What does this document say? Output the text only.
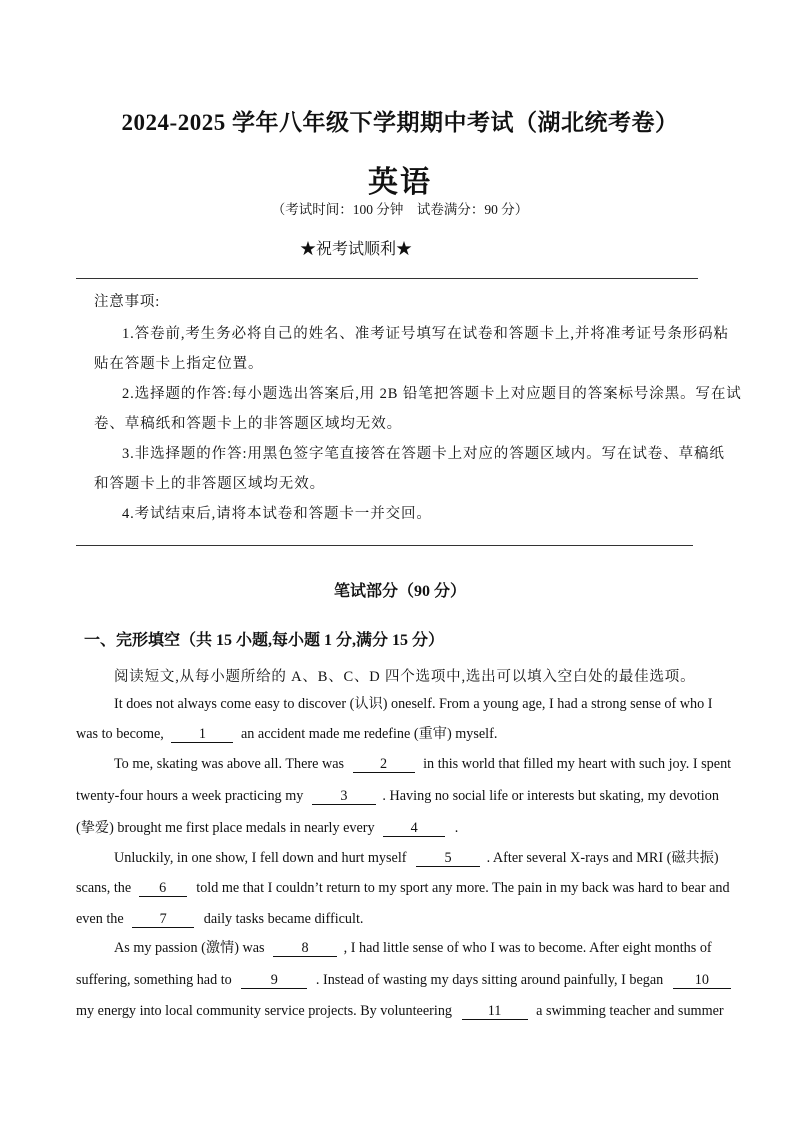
2024-2025 学年八年级下学期期中考试（湖北统考卷）
英语
（考试时间：100 分钟　试卷满分：90 分）
★祝考试顺利★
注意事项:
1.答卷前,考生务必将自己的姓名、准考证号填写在试卷和答题卡上,并将准考证号条形码粘
贴在答题卡上指定位置。
2.选择题的作答:每小题选出答案后,用 2B 铅笔把答题卡上对应题目的答案标号涂黑。写在试
卷、草稿纸和答题卡上的非答题区域均无效。
3.非选择题的作答:用黑色签字笔直接答在答题卡上对应的答题区域内。写在试卷、草稿纸
和答题卡上的非答题区域均无效。
4.考试结束后,请将本试卷和答题卡一并交回。
笔试部分（90 分）
一、完形填空（共 15 小题,每小题 1 分,满分 15 分）
阅读短文,从每小题所给的 A、B、C、D 四个选项中,选出可以填入空白处的最佳选项。
It does not always come easy to discover (认识) oneself. From a young age, I had a strong sense of who I
was to become, 1 an accident made me redefine (重审) myself.
To me, skating was above all. There was	2	in this world that filled my heart with such joy. I spent
twenty-four hours a week practicing my	3 . Having no social life or interests but skating, my devotion
(挚爱) brought me first place medals in nearly every	4	.
Unluckily, in one show, I fell down and hurt myself	5 . After several X-rays and MRI (磁共振)
scans, the 6 told me that I couldn’t return to my sport any more. The pain in my back was hard to bear and
even the	7	daily tasks became difficult.
As my passion (激情) was	8 , I had little sense of who I was to become. After eight months of
suffering, something had to	9	. Instead of wasting my days sitting around painfully, I began 10
my energy into local community service projects. By volunteering	11 a swimming teacher and summer
